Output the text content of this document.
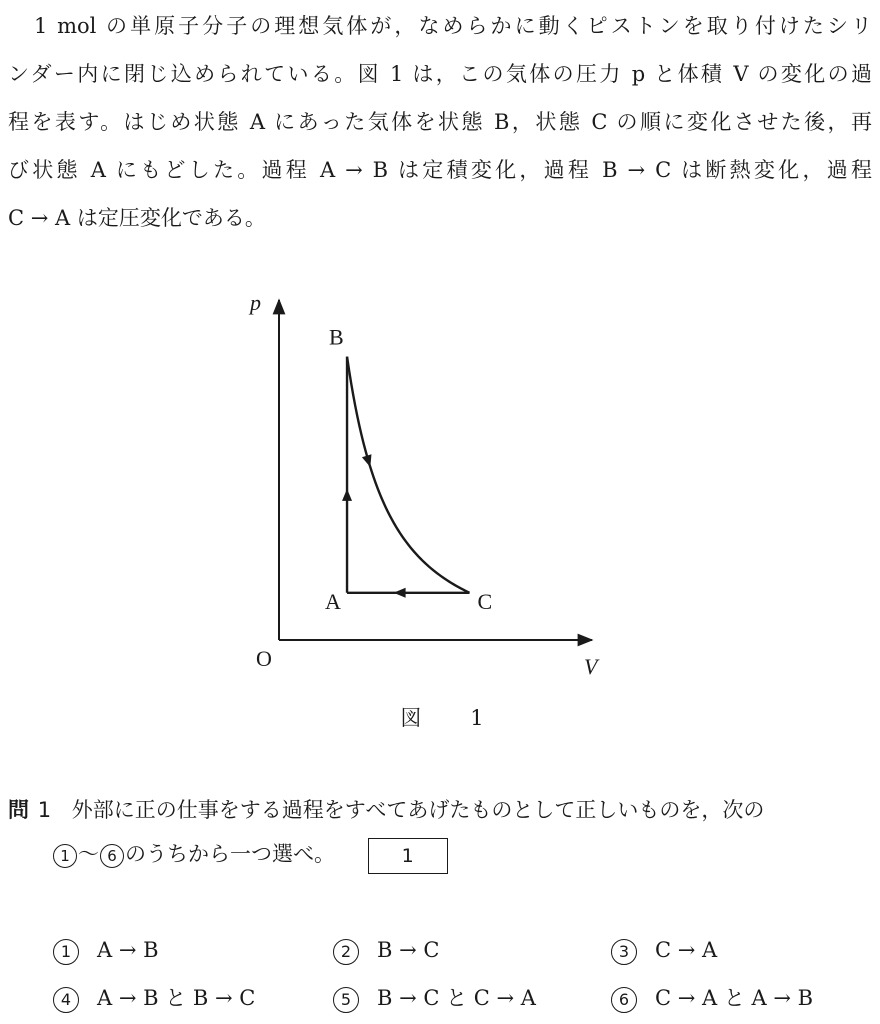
1 mol の単原子分子の理想気体が，なめらかに動くピストンを取り付けたシリ
ンダー内に閉じ込められている。図 1 は，この気体の圧力 p と体積 V の変化の過
程を表す。はじめ状態 A にあった気体を状態 B，状態 C の順に変化させた後，再
び状態 A にもどした。過程 A → B は定積変化，過程 B → C は断熱変化，過程
C → A は定圧変化である。
A
B
C
p
V
O
図　1
問 1 外部に正の仕事をする過程をすべてあげたものとして正しいものを，次の
1 ～ 6 のうちから一つ選べ。	1
1 A → B	2 B → C	3 C → A
4 A → B と B → C	5 B → C と C → A	6 C → A と A → B
